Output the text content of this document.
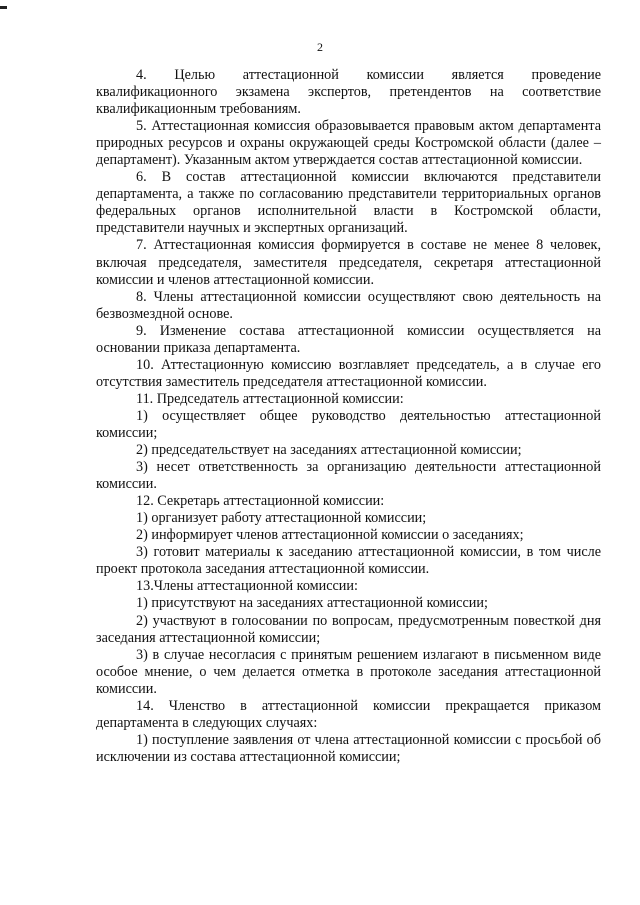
2

4. Целью аттестационной комиссии является проведение квалификационного экзамена экспертов, претендентов на соответствие квалификационным требованиям.

5. Аттестационная комиссия образовывается правовым актом департамента природных ресурсов и охраны окружающей среды Костромской области (далее – департамент). Указанным актом утверждается состав аттестационной комиссии.

6. В состав аттестационной комиссии включаются представители департамента, а также по согласованию представители территориальных органов федеральных органов исполнительной власти в Костромской области, представители научных и экспертных организаций.

7. Аттестационная комиссия формируется в составе не менее 8 человек, включая председателя, заместителя председателя, секретаря аттестационной комиссии и членов аттестационной комиссии.

8. Члены аттестационной комиссии осуществляют свою деятельность на безвозмездной основе.

9. Изменение состава аттестационной комиссии осуществляется на основании приказа департамента.

10. Аттестационную комиссию возглавляет председатель, а в случае его отсутствия заместитель председателя аттестационной комиссии.

11. Председатель аттестационной комиссии:

1) осуществляет общее руководство деятельностью аттестационной комиссии;

2) председательствует на заседаниях аттестационной комиссии;

3) несет ответственность за организацию деятельности аттестационной комиссии.

12. Секретарь аттестационной комиссии:

1) организует работу аттестационной комиссии;

2) информирует членов аттестационной комиссии о заседаниях;

3) готовит материалы к заседанию аттестационной комиссии, в том числе проект протокола заседания аттестационной комиссии.

13.Члены аттестационной комиссии:

1) присутствуют на заседаниях аттестационной комиссии;

2) участвуют в голосовании по вопросам, предусмотренным повесткой дня заседания аттестационной комиссии;

3) в случае несогласия с принятым решением излагают в письменном виде особое мнение, о чем делается отметка в протоколе заседания аттестационной комиссии.

14. Членство в аттестационной комиссии прекращается приказом департамента в следующих случаях:

1) поступление заявления от члена аттестационной комиссии с просьбой об исключении из состава аттестационной комиссии;
